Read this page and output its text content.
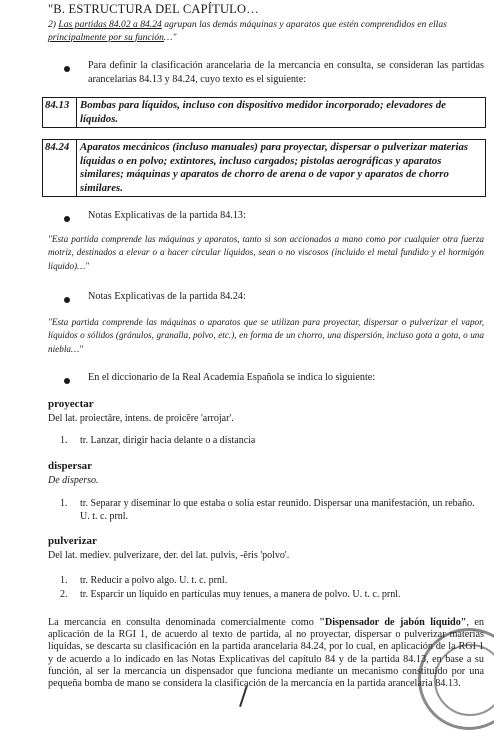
"B. ESTRUCTURA DEL CAPÍTULO…
2) Las partidas 84.02 a 84.24 agrupan las demás máquinas y aparatos que estén comprendidos en ellas principalmente por su función…"
Para definir la clasificación arancelaria de la mercancía en consulta, se consideran las partidas arancelarias 84.13 y 84.24, cuyo texto es el siguiente:
84.13	Bombas para líquidos, incluso con dispositivo medidor incorporado; elevadores de líquidos.
84.24	Aparatos mecánicos (incluso manuales) para proyectar, dispersar o pulverizar materias líquidas o en polvo; extintores, incluso cargados; pistolas aerográficas y aparatos similares; máquinas y aparatos de chorro de arena o de vapor y aparatos de chorro similares.
Notas Explicativas de la partida 84.13:
"Esta partida comprende las máquinas y aparatos, tanto si son accionados a mano como por cualquier otra fuerza motriz, destinados a elevar o a hacer circular líquidos, sean o no viscosos (incluido el metal fundido y el hormigón líquido)…"
Notas Explicativas de la partida 84.24:
"Esta partida comprende las máquinas o aparatos que se utilizan para proyectar, dispersar o pulverizar el vapor, líquidos o sólidos (gránulos, granalla, polvo, etc.), en forma de un chorro, una dispersión, incluso gota a gota, o una niebla…"
En el diccionario de la Real Academia Española se indica lo siguiente:
proyectar
Del lat. proiectāre, intens. de proicĕre 'arrojar'.
1. tr. Lanzar, dirigir hacia delante o a distancia
dispersar
De disperso.
1. tr. Separar y diseminar lo que estaba o solía estar reunido. Dispersar una manifestación, un rebaño. U. t. c. prnl.
pulverizar
Del lat. mediev. pulverizare, der. del lat. pulvis, -ĕris 'polvo'.
1. tr. Reducir a polvo algo. U. t. c. prnl.
2. tr. Esparcir un líquido en partículas muy tenues, a manera de polvo. U. t. c. prnl.
La mercancía en consulta denominada comercialmente como "Dispensador de jabón líquido", en aplicación de la RGI 1, de acuerdo al texto de partida, al no proyectar, dispersar o pulverizar materias líquidas, se descarta su clasificación en la partida arancelaria 84.24, por lo cual, en aplicación de la RGI 1 y de acuerdo a lo indicado en las Notas Explicativas del capítulo 84 y de la partida 84.13, en base a su función, al ser la mercancía un dispensador que funciona mediante un mecanismo constituido por una pequeña bomba de mano se considera la clasificación de la mercancía en la partida arancelaria 84.13.
